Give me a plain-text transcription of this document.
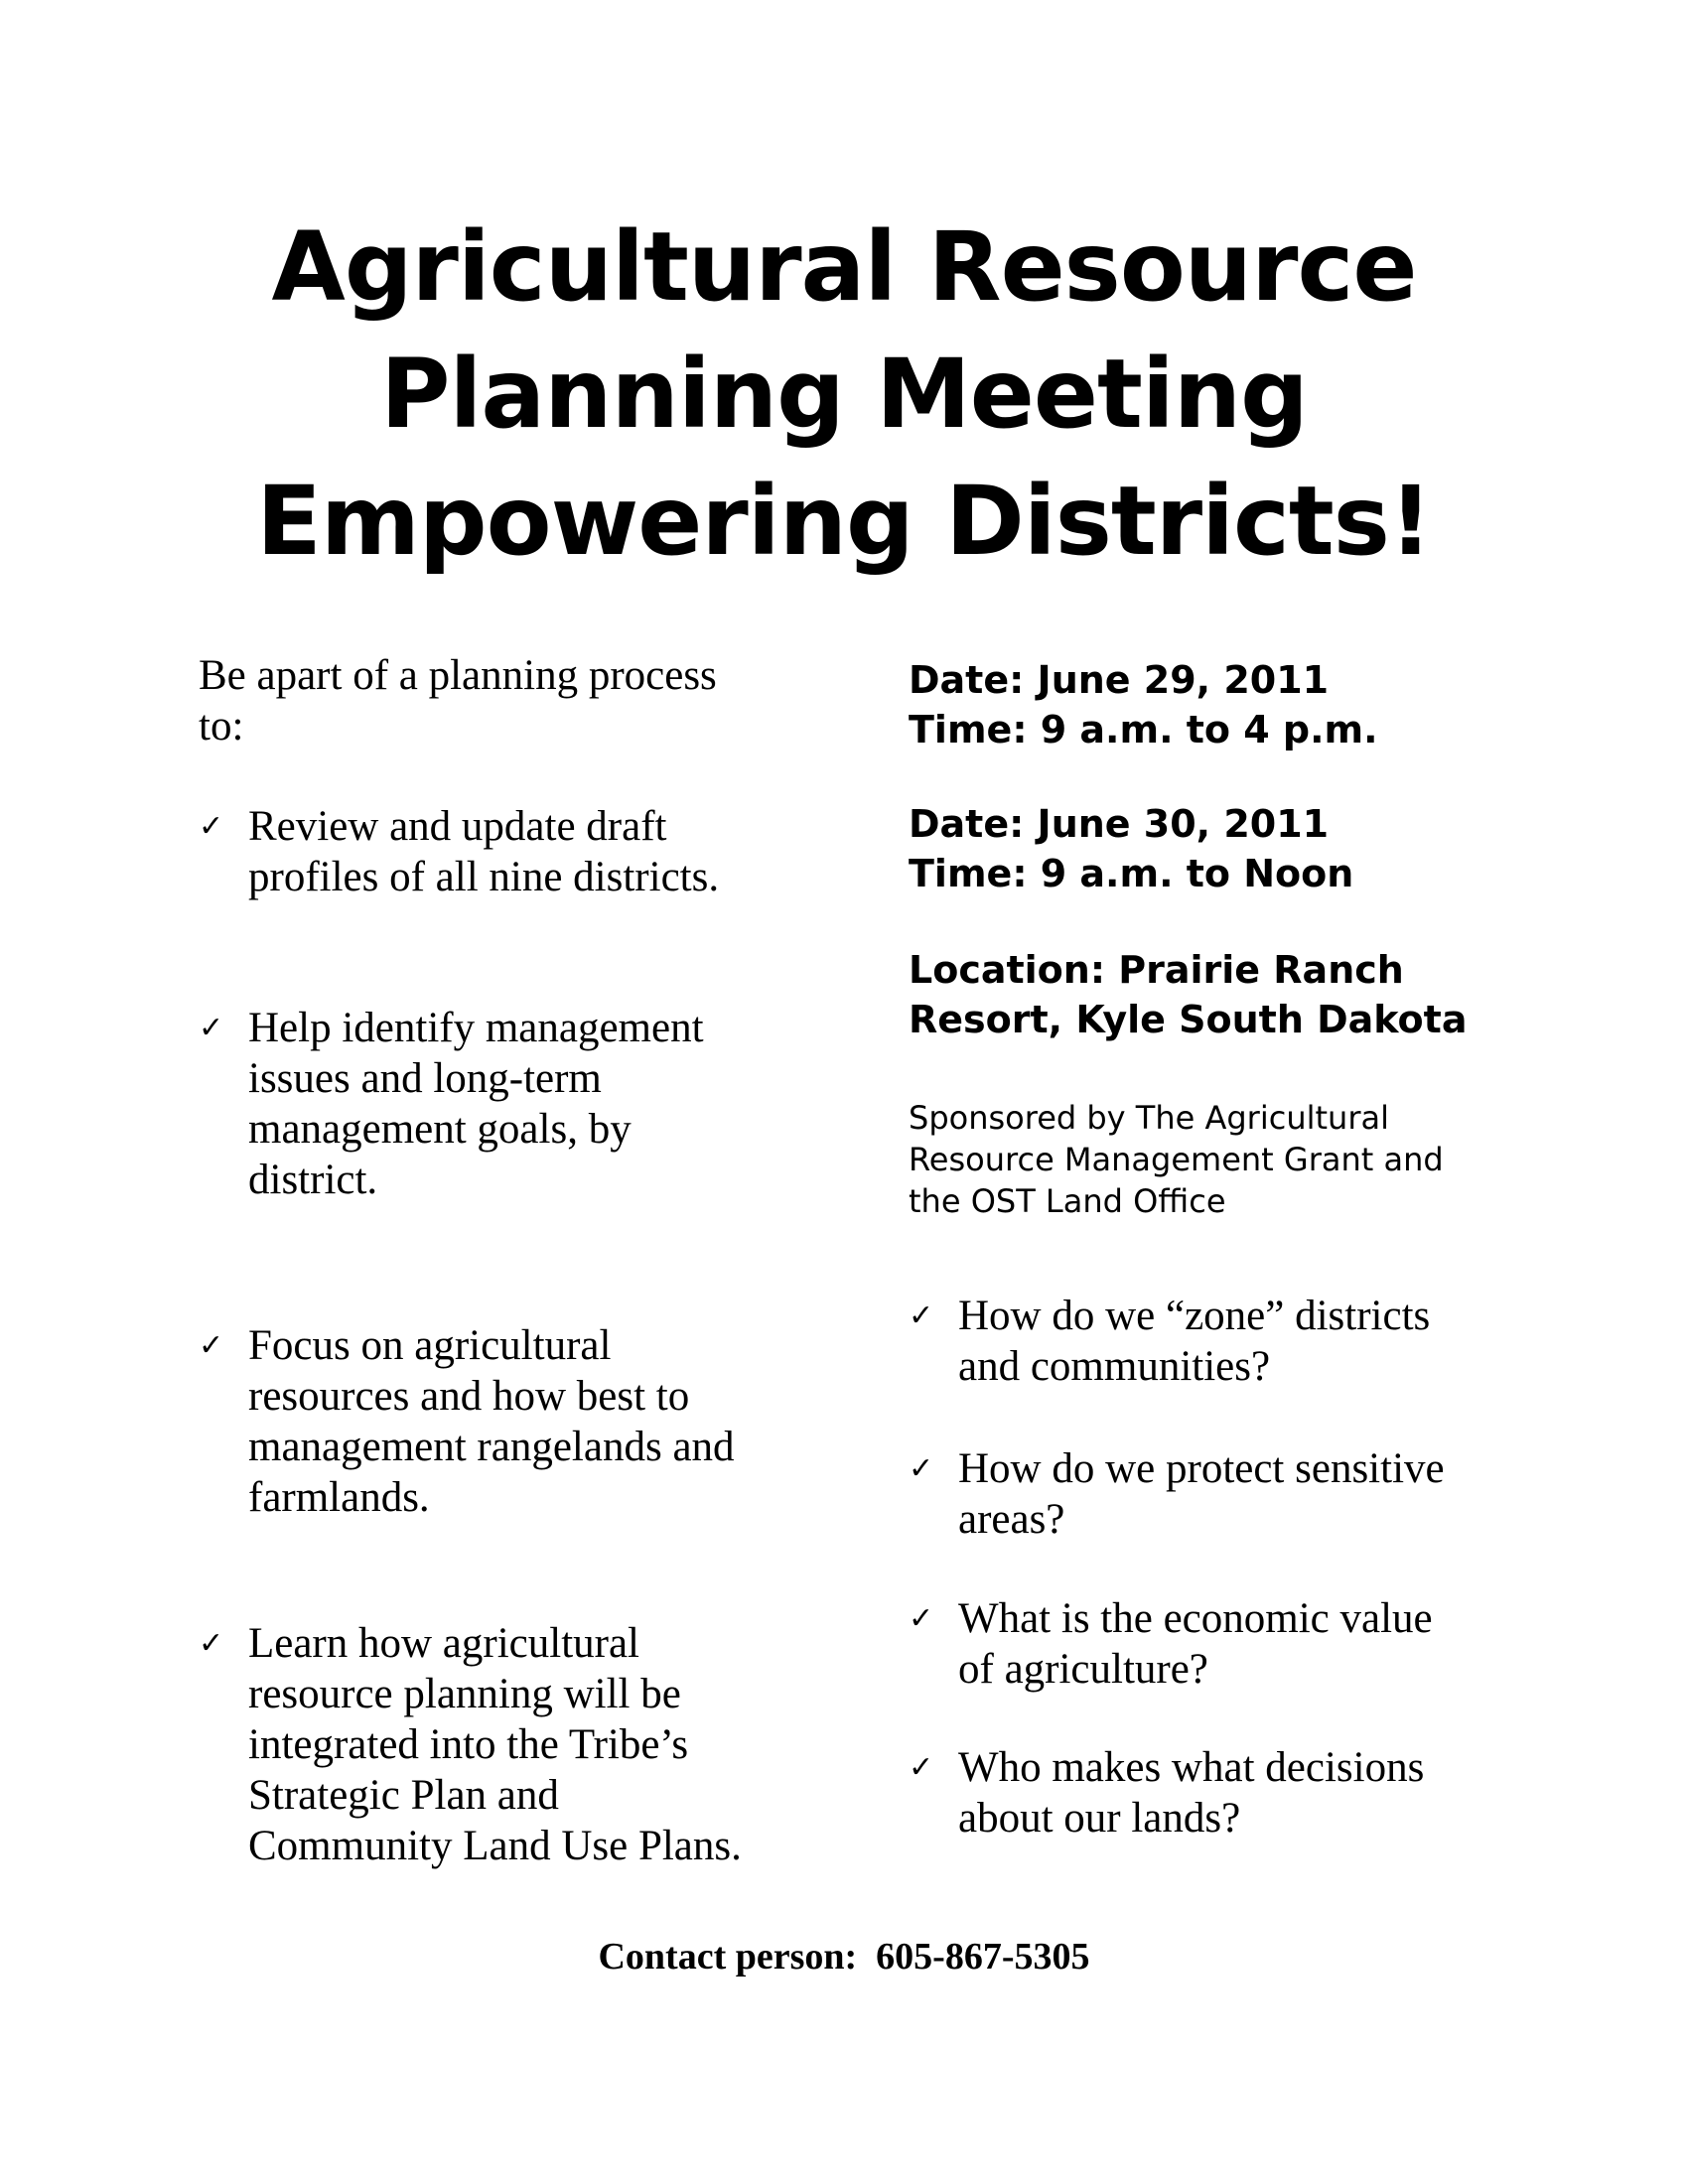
Agricultural Resource
Planning Meeting
Empowering Districts!

Be apart of a planning process
to:

✓ Review and update draft
profiles of all nine districts.
✓ Help identify management
issues and long-term
management goals, by
district.
✓ Focus on agricultural
resources and how best to
management rangelands and
farmlands.
✓ Learn how agricultural
resource planning will be
integrated into the Tribe’s
Strategic Plan and
Community Land Use Plans.
Date: June 29, 2011
Time: 9 a.m. to 4 p.m.
Date: June 30, 2011
Time: 9 a.m. to Noon
Location: Prairie Ranch
Resort, Kyle South Dakota
Sponsored by The Agricultural
Resource Management Grant and
the OST Land Office
✓ How do we “zone” districts
and communities?
✓ How do we protect sensitive
areas?
✓ What is the economic value
of agriculture?
✓ Who makes what decisions
about our lands?
Contact person:  605-867-5305
